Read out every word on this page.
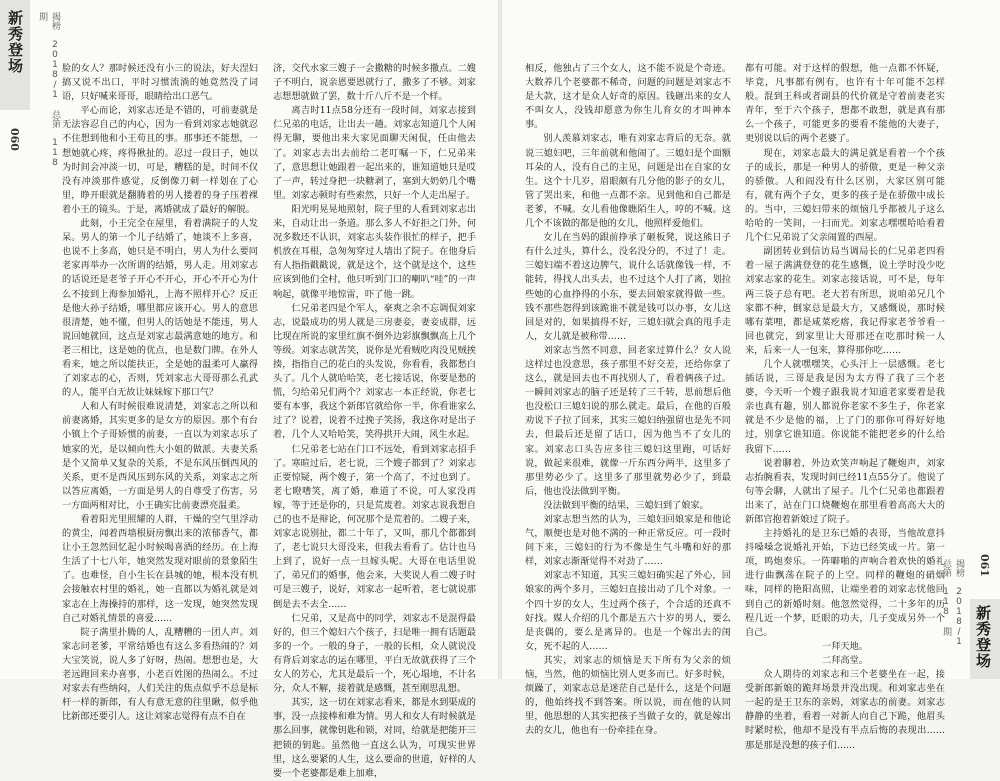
新秀登场	揭榜 2018/1 总第 118 期
060

脸的女人？那时候还没有小三的说法，好夫涅妇搞又说不出口，平时习惯流淌的她竟然没了词语，只好喊来哥哥，眼睛给出口恶气。

平心而论，刘家志还是不错的，可前妻就是无法容忍自己的内心，因为一看到刘家志她就忍不住想到他和小王苟且的事。那事还不能想，一想她就心疼，疼得揪扯的。忍过一段日子，她以为时间会冲淡一切，可是，糟糕的是，时间不仅没有冲淡那件感觉，反倒像刀刺一样划在了心里，睁开眼就是翻腾着的男人搂着的身子压着裸着小王的镜头。于是，离婚就成了最好的解脱。

此刻，小王完全在屋里，看着满院子的人发呆。男人的第一个儿子结婚了，她谈不上多喜，也说不上多高，她只是不明白，男人为什么要同老家再举办一次所谓的结婚，男人走。用刘家志的话说还是老爷子开心不开心，开心不开心为什么不接到上海参加婚礼，上海不照样开心？反正是他大孙子结婚，哪里都应该开心。男人的意思很清楚，她不懂，但男人的话她是不能违，男人说回她就回，这点是刘家志最满意她的地方。和老三相比，这是她的优点，也是数门牌。在外人看来，她之所以能扶正，全是她的温柔可人赢得了刘家志的心，否则，凭刘家志大哥哥那么孔武的人，能平白无故让妹妹嫁下那口气？

人和人有时候很难说清楚，刘家志之所以和前妻离婚，其实更多的是女方的原因。那个有台小镇上个子哥娇惯的前妻，一直以为刘家志乐了她家的光，是以倾向性大小姐的做派。夫妻关系是个又简单又复杂的关系，不是东风压倒西风的关系，更不是西风压到东风的关系，刘家志之所以答应离婚，一方面是男人的自尊受了伤害，另一方面两相对比，小王确实比前妻漂亮温柔。

看着阳光里照耀的人群，干燥的空气里浮动的黄尘，闻着西墙根厨房飘出来的浓郁香气，都让小王忽然回忆起小时候喝喜酒的经历。在上海生活了十七八年，她突然发现对眼前的景象陌生了。也难怪，自小生长在县城的她，根本没有机会接触农村里的婚礼，她一直都以为婚礼就是刘家志在上海操持的那样，这一发现，她突然发现自己对婚礼情景的喜爱……

院子满里扑腾的人，乱糟糟的一团人声。刘家志问老爹，平常结婚也有这么多看热闹的？刘大宝笑说，说人多了好呀，热闹。想想也是，大老远跑回来办喜事，小老百姓图的热闹么。不过对家去有些纳闷，人们关注的焦点似乎不总是标杆一样的新郎，有人有意无意的往里瞅，似乎他比新郎还要引人。这让刘家志觉得有点不自在

济，交代水家三嫂子一会撒糖的时候多撒点。二嫂子不明白，说亲恩要恩就行了，撒多了不够。刘家志想想就做了罢，数十斤八斤不是一个样。

离吉时11点58分还有一段时间，刘家志接到仁兄弟的电话，让出去一趟。刘家志知道几个人闲得无聊，要他出来大家见面聊天闲侃，任由他去了。刘家志去出去前给二老叮嘱一下，仁兄弟来了，意思想让她跟着一起出来的，谁知道她只是哎了一声，转过身把一块糖剥了，塞到大奶奶几个嘴里。刘家志顿时有些索然，只好一个人走出屋子。

阳光明晃晃地照射，院子里的人看到刘家志出来，自动让出一条道。那么多人不好拒之门外，何况多数还不认识，刘家志头装作很忙的样子，把手机放在耳根，急匆匆穿过人墙出了院子。在他身后有人指指戳戳说，就是这个，这个就是这个，这些应该到他们全村，他只听到门口的喇叭“哇”的一声响起，就像平地惊雷，吓了他一跳。

仁兄弟老四是个军人，豪爽之余不忘调侃刘家志，说最成功的男人就是三房妻妾，妻妾成群，远比现在所说的家里红旗不倒外边彩旗飘飘高上几个等级。刘家志就苦笑，说你是光看贼吃肉没见贼挨揍，指指自己的花白的头发说，你看看，我都愁白头了。几个人就哈哈笑，老七接话说，你要是愁的慌，匀给弟兄们两个？刘家志一本正经说，你老七要有本事，我这个新郎官就给你一半，你看谁家么过了？说着，说着不过挽子笑扬，我这你对是出子着，几个人又哈哈笑，笑得拱开大闹，风生水起。

仁兄弟老七站在门口不远处，看到刘家志招手了。寒暄过后，老七说，三个嫂子都到了？刘家志正要惊疑，两个嫂子，第一个高了，不过也到了。老七瞪嗜笑，离了婚，难道了不说，可人家没再嫁，等于还是你的，只是荒废着。刘家志说我想自己的也不是辩论，何况那个是荒着的。二嫂子来，刘家志说别扯，都二十年了，又叫，那几个都都到了，老七说只大哥没来，但我去看看了。估计也马上到了，说好一点一旦嫁头呢。大哥在电话里说了，弟兄们的婚事，他会来，大奖说人看二嫂子时可是三嫂子，说好，刘家志一起听着，老七就说那倒是去不去全……

仁兄弟，又是高中的同学，刘家志不是混得最好的，但三个媳妇六个孩子，扫是唯一拥有话题最多的一个。一般的身子，一般的长相，众人就说没有背后刘家志的运在哪里，平白无故就获得了三个女人的芳心，尤其是最后一个，死心塌地，不计名分，众人不解，接着就是感慨，甚至刚思乱想。

其实，这一切在刘家志看来，都是水到渠成的事，没一点接棒和难为情。男人和女人有时候就是那么回事，就像钥匙和锁，对同，给就是把能开三把锁的钥匙。虽然他一直这么认为，可现实世界里，这么要紧的人生，这么要命的世道，好样的人要一个老婆都是难上加难，

新秀登场
揭榜 2018/1 总第 118 期	061

相反，他独占了三个女人，这不能不说是个奇迹。大数养几个老婆都不稀奇，问题的问题是刘家志不是大款，这才是众人好奇的原因。钱砸出来的女人不叫女人，没钱却愿意为你生儿育女的才叫神本事。

别人羡慕刘家志，唯有刘家志背后的无奈。就说三媳妇吧，三年前就和他闹了。三媳妇是个面额耳朵的人，没有自己的主见，问题是出在自家的女生。这个十几岁，眉眼颇有几分他的影子的女儿，管了哭出来，和他一点都不亲。见到他和自己都是老爹，不喊。女儿看他像瞧陌生人，哼的不喊。这几个不该做的都是他的女儿，他照样爱他们。

女儿在当妈的跟前挣承了砸板凳，说这熊日子有什么过头，算什么，没名没分的，不过了！走。三媳妇端不着这边脾气，说什么话就像钱一样，不能转，得找人出头去，也不过这个人打了离，划拉些她的心血挣得的小东，要去回娘家就得做一些。钱不那些怨得到该跪谁不就是钱可以办事，女儿这回是对的，如果搞得不好，三媳妇就会真的甩手走人，女儿就是被称带……

刘家志当然不同意，回老家过算什么？女人说这样过也没意思，孩子那里不好交差，还给你拿了这么，就是回去也不再找别人了，看着俩孩子过。一瞬间刘家志的脑子还是转了三千转，思前想后他也没松口三媳妇说的那么就走。最后，在他的百般劝说下子拉了回来，其实三媳妇纳强留也是先不同去，但最后还是留了话口，因为他当不了女儿的家。刘家志口头告应多往三媳妇这里跑，可话好说，做起来很难，就像一斤东西分两半，这里多了那里势必少了。这里多了那里就势必少了，到最后，他也没法做到平衡。

没法做到平衡的结果，三媳妇到了娘家。

刘家志想当然的认为，三媳妇回娘家是和他论气，顺便也是对他不满的一种正常反应。可一段时间下来，三媳妇的行为不像是生气斗嘴和好的那样，刘家志渐渐觉得不对劲了……

刘家志不知道，其实三媳妇确实起了外心，回娘家的两个多月，三媳妇直接出动了几个对象。一个四十岁的女人，生过两个孩子，个合适的还真不好找。媒人介绍的几个都是五六十岁的男人，要么是丧偶的，要么是离异的。也是一个嫁出去的闺女，死不起的人……

其实，刘家志的烦恼是天下所有为父亲的烦恼，当然，他的烦恼比别人更多而已。好多时候，烦躁了，刘家志总是迷茫自己是什么，这是个问题的，他始终找不到答案。所以说，而在他的认同里，他思想的人其实把孩子当做子女的，就是嫁出去的女儿，他也有一份牵挂在身。

都有可能。对于这样的假想，他一点都不怀疑，毕竟，凡事都有例有，也许有十年可能不怎样般。混到王科或者副县的代价就是守着前妻老实青年，至于六个孩子，想都不敢想，就是真有那么一个孩子，可能更多的要看不能他的大妻子，更别说以后的两个老婆了。

现在，刘家志最大的满足就是看着一个个孩子的成长，那是一种男人的骄傲，更是一种父亲的骄傲。人和阎没有什么区别，大家区别可能有，就有两个子女，更多的孩子是在骄傲中成长的。当中，三媳妇带来的烦恼几乎都被儿子这么哈哈的一笑间，一扫而光。刘家志嘿嘿哈哈看着几个仁兄弟说了父亲闹置的西屋。

副团转业到信访局当调局长的仁兄弟老四看着一屋子满满登登的花生感慨，说土学时没少吃刘家志家的花生。刘家志接话说，可不是，每年两三袋子总有吧。老大若有所思，说咱弟兄几个家都不种，倒家总是最大方，又感慨说，那时候哪有菜哩，都是咸菜疙瘩，我记得家老爷爷看一回也就完，到家里让大哥那还在吃那时候一人来，后来一人一包来，算得那你吃……

几个人就嘿嘿笑，心头汗上一层感慨。老七插话说，三哥是我是因为太方得了我了三个老婆，今天听一个嫂子跟我说才知道老家要着是我亲也真有趣，别人都说你老家不多生子，你老家就是不少是他的福，上了门的那你可得好好地过，别拿它谁知道。你说能不能把老乡的什么给我留下……

说着聊着，外边欢笑声响起了鞭炮声，刘家志抬腕看表，发现时间已经11点55分了。他说了句等会聊，人就出了屋子。几个仁兄弟也都跟着出来了，站在门口烧鞭炮在那里看着高高大大的新郎官抱着新娘过了院子。

主持婚礼的是卫东已婚的表哥，当他故意抖抖嗓嗓念说婚礼开始，下边已经笑成一片。第一项，鸣炮奏乐。一阵噼啪的声响合着欢快的婚礼进行曲飘荡在院子的上空。同样的鞭炮的硝烟味，同样的艳阳高照，让端坐着的刘家志忧他回到自己的新婚时刻。他忽然觉得，二十多年的历程几近一个梦，眨眼的功夫，几子变成另外一个自己。

一拜天地。

二拜高堂。

众人期待的刘家志和三个老婆坐在一起，接受新郎新娘的跪拜场景并没出现。和刘家志坐在一起的是王卫东的亲妈，刘家志的前妻。刘家志静静的坐着，看着一对新人向自己下跪，他眉头时紧时松，他却不是没有半点后悔的表现出……那是那是没想的孩子们……
